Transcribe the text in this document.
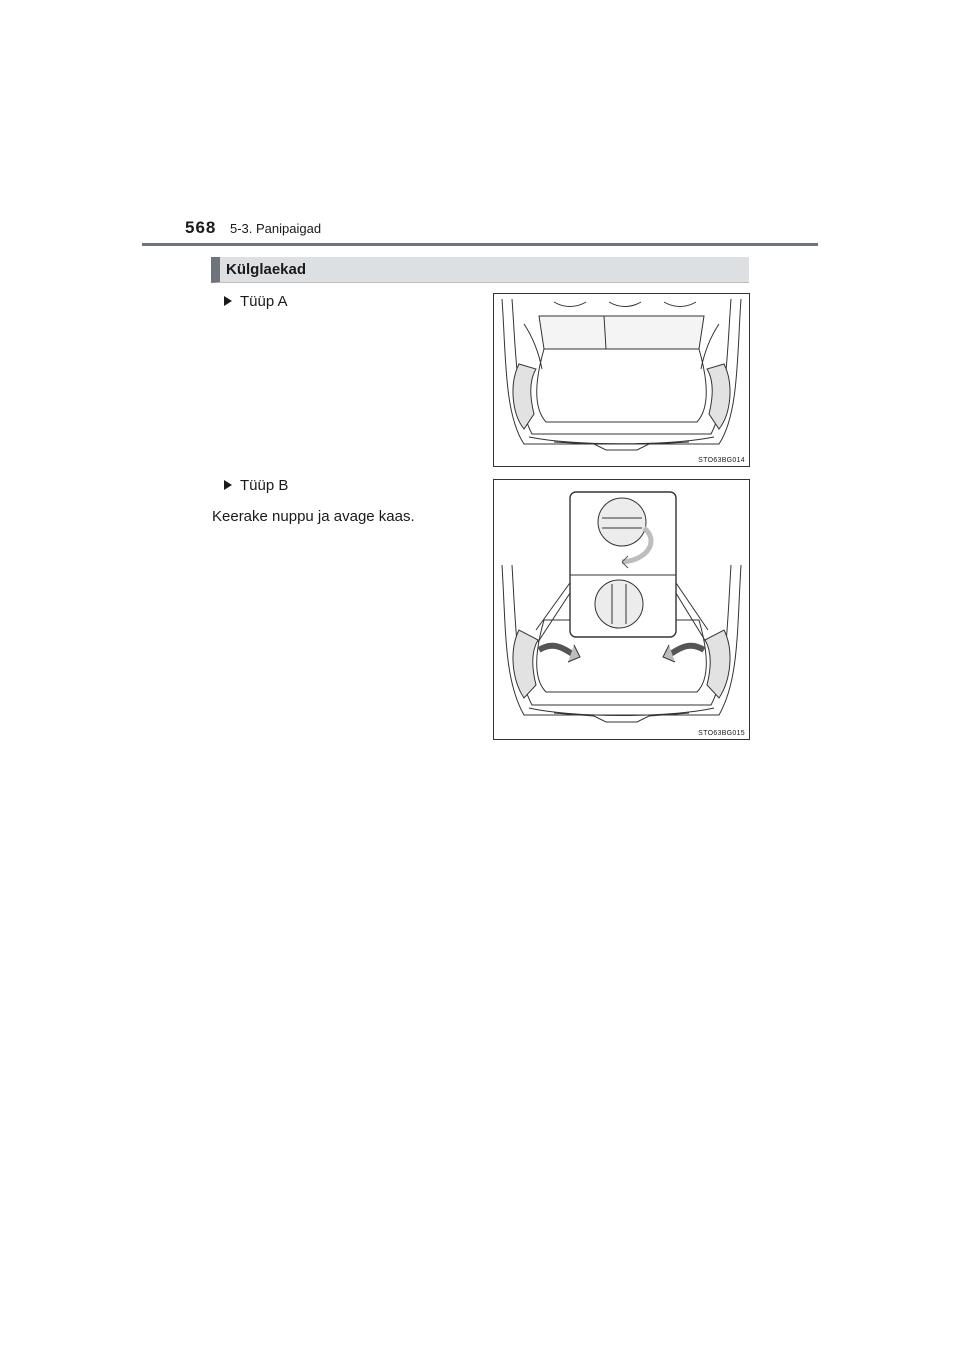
568 5-3. Panipaigad
Külglaekad
Tüüp A
STO63BG014
Tüüp B
Keerake nuppu ja avage kaas.
STO63BG015
